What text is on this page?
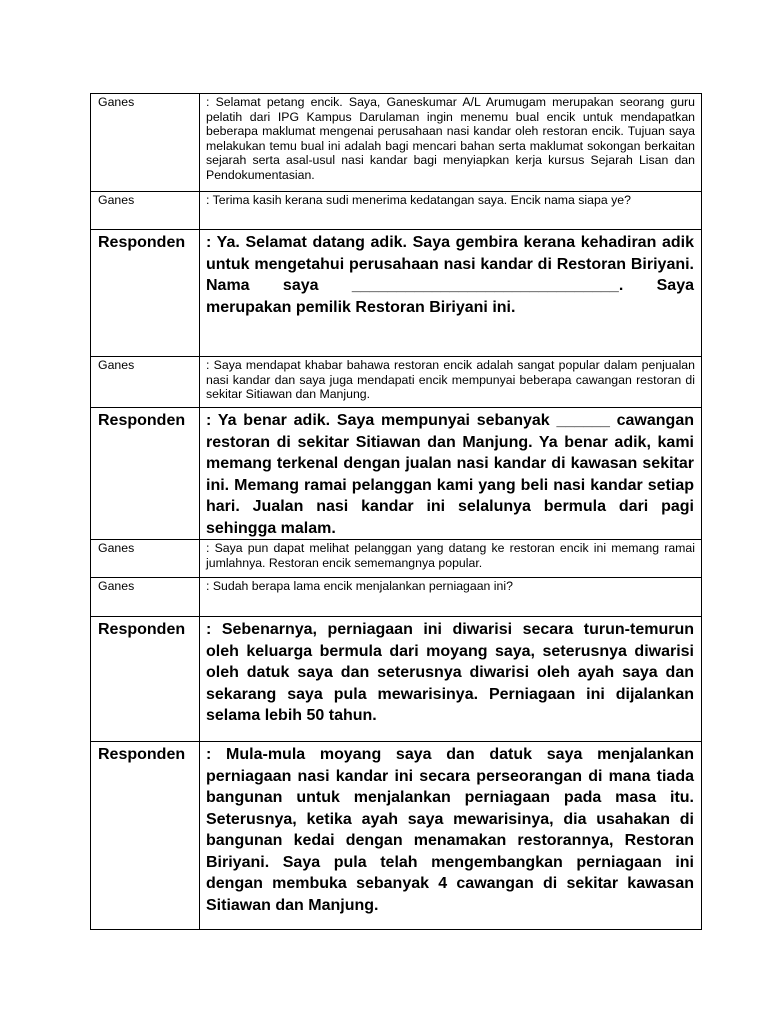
Ganes	: Selamat petang encik. Saya, Ganeskumar A/L Arumugam merupakan seorang guru pelatih dari IPG Kampus Darulaman ingin menemu bual encik untuk mendapatkan beberapa maklumat mengenai perusahaan nasi kandar oleh restoran encik. Tujuan saya melakukan temu bual ini adalah bagi mencari bahan serta maklumat sokongan berkaitan sejarah serta asal-usul nasi kandar bagi menyiapkan kerja kursus Sejarah Lisan dan Pendokumentasian.

Ganes	: Terima kasih kerana sudi menerima kedatangan saya. Encik nama siapa ye?

Responden	: Ya. Selamat datang adik. Saya gembira kerana kehadiran adik untuk mengetahui perusahaan nasi kandar di Restoran Biriyani. Nama saya ______________________________. Saya merupakan pemilik Restoran Biriyani ini.

Ganes	: Saya mendapat khabar bahawa restoran encik adalah sangat popular dalam penjualan nasi kandar dan saya juga mendapati encik mempunyai beberapa cawangan restoran di sekitar Sitiawan dan Manjung.

Responden	: Ya benar adik. Saya mempunyai sebanyak ______ cawangan restoran di sekitar Sitiawan dan Manjung. Ya benar adik, kami memang terkenal dengan jualan nasi kandar di kawasan sekitar ini. Memang ramai pelanggan kami yang beli nasi kandar setiap hari. Jualan nasi kandar ini selalunya bermula dari pagi sehingga malam.

Ganes	: Saya pun dapat melihat pelanggan yang datang ke restoran encik ini memang ramai jumlahnya. Restoran encik sememangnya popular.

Ganes	: Sudah berapa lama encik menjalankan perniagaan ini?

Responden	: Sebenarnya, perniagaan ini diwarisi secara turun-temurun oleh keluarga bermula dari moyang saya, seterusnya diwarisi oleh datuk saya dan seterusnya diwarisi oleh ayah saya dan sekarang saya pula mewarisinya. Perniagaan ini dijalankan selama lebih 50 tahun.

Responden	: Mula-mula moyang saya dan datuk saya menjalankan perniagaan nasi kandar ini secara perseorangan di mana tiada bangunan untuk menjalankan perniagaan pada masa itu. Seterusnya, ketika ayah saya mewarisinya, dia usahakan di bangunan kedai dengan menamakan restorannya, Restoran Biriyani. Saya pula telah mengembangkan perniagaan ini dengan membuka sebanyak 4 cawangan di sekitar kawasan Sitiawan dan Manjung.
